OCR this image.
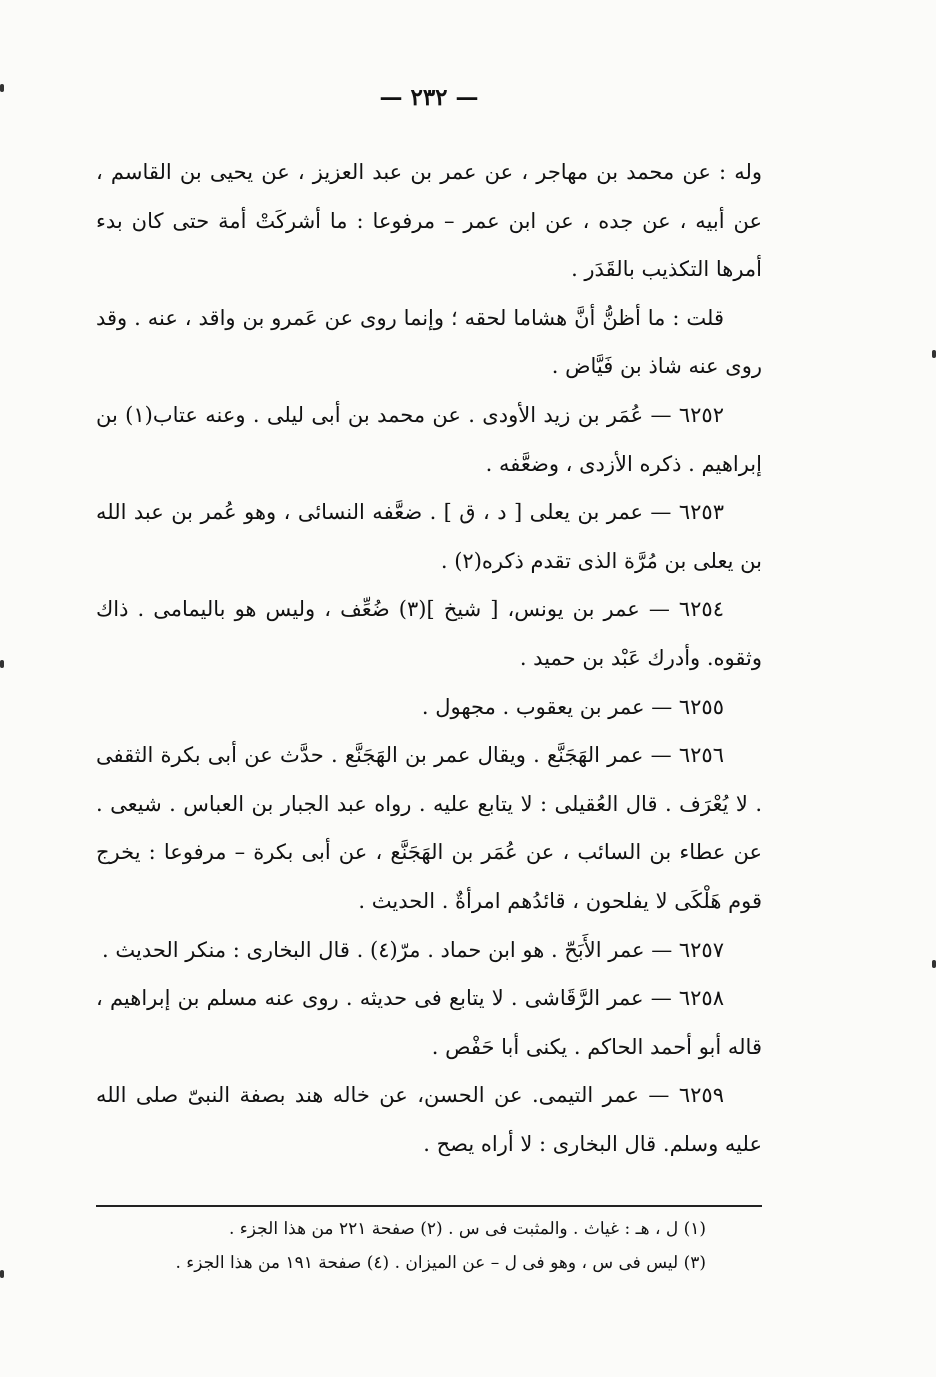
— ٢٣٢ —

وله : عن محمد بن مهاجر ، عن عمر بن عبد العزيز ، عن يحيى بن القاسم ، عن أبيه ، عن جده ، عن ابن عمر – مرفوعا : ما أشركَتْ أمة حتى كان بدء أمرها التكذيب بالقَدَر .

قلت : ما أظنُّ أنَّ هشاما لحقه ؛ وإنما روى عن عَمرو بن واقد ، عنه . وقد روى عنه شاذ بن فَيَّاض .

٦٢٥٢ — عُمَر بن زيد الأودى . عن محمد بن أبى ليلى . وعنه عتاب(١) بن إبراهيم . ذكره الأزدى ، وضعَّفه .

٦٢٥٣ — عمر بن يعلى [ د ، ق ] . ضعَّفه النسائى ، وهو عُمر بن عبد الله بن يعلى بن مُرَّة الذى تقدم ذكره(٢) .

٦٢٥٤ — عمر بن يونس، [ شيخ ](٣) ضُعِّف ، وليس هو باليمامى . ذاك وثقوه. وأدرك عَبْد بن حميد .

٦٢٥٥ — عمر بن يعقوب . مجهول .

٦٢٥٦ — عمر الهَجَنَّع . ويقال عمر بن الهَجَنَّع . حدَّث عن أبى بكرة الثقفى . لا يُعْرَف . قال العُقيلى : لا يتابع عليه . رواه عبد الجبار بن العباس . شيعى . عن عطاء بن السائب ، عن عُمَر بن الهَجَنَّع ، عن أبى بكرة – مرفوعا : يخرج قوم هَلْكَى لا يفلحون ، قائدُهم امرأةٌ . الحديث .

٦٢٥٧ — عمر الأَبَحّ . هو ابن حماد . مرّ(٤) . قال البخارى : منكر الحديث .

٦٢٥٨ — عمر الرَّقَاشى . لا يتابع فى حديثه . روى عنه مسلم بن إبراهيم ، قاله أبو أحمد الحاكم . يكنى أبا حَفْص .

٦٢٥٩ — عمر التيمى. عن الحسن، عن خاله هند بصفة النبىّ صلى الله عليه وسلم. قال البخارى : لا أراه يصح .

(١) ل ، هـ : غياث . والمثبت فى س . (٢) صفحة ٢٢١ من هذا الجزء .

(٣) ليس فى س ، وهو فى ل – عن الميزان . (٤) صفحة ١٩١ من هذا الجزء .
